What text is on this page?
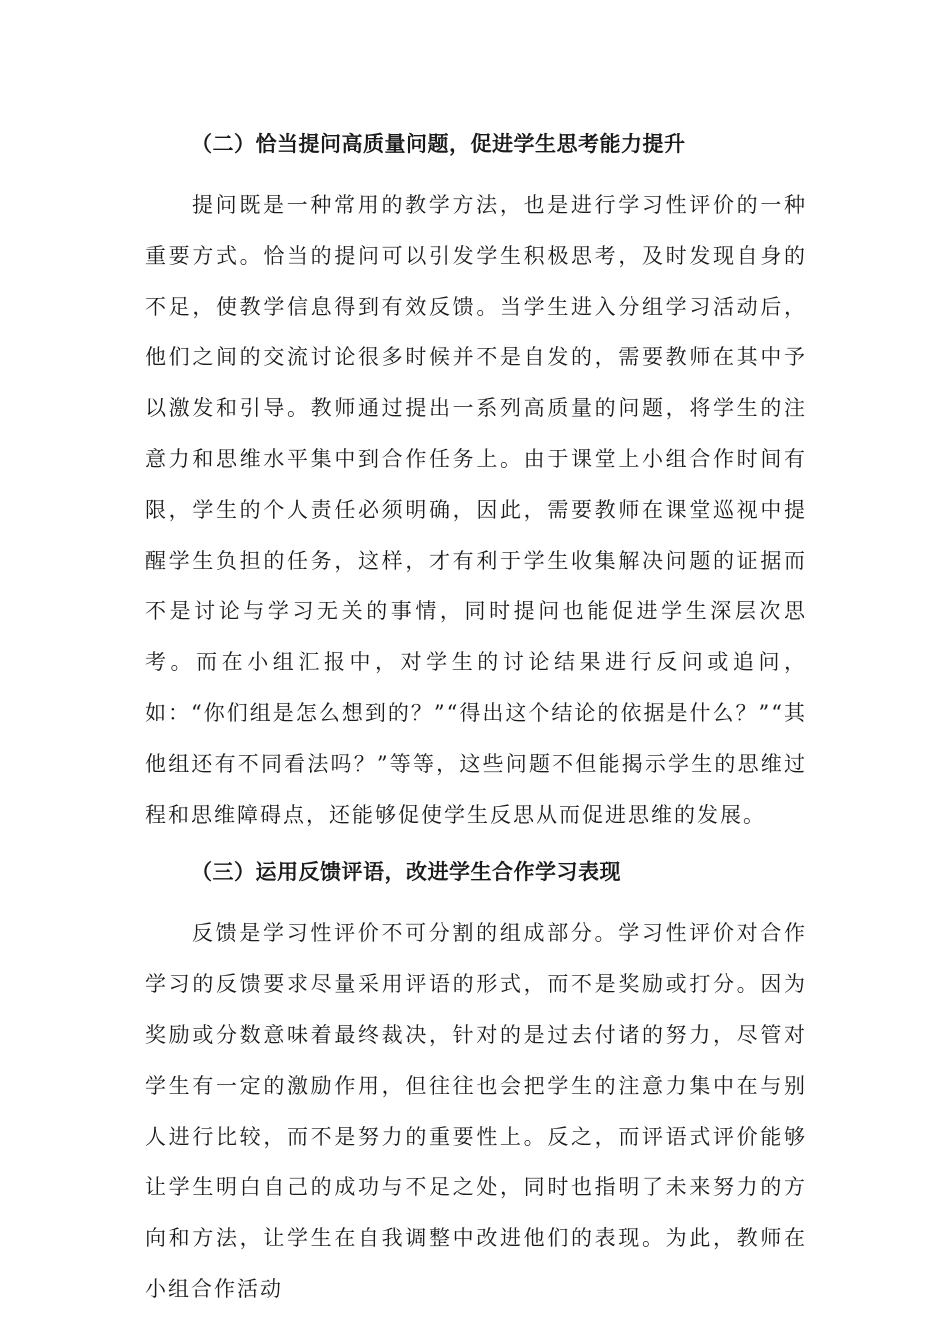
（二）恰当提问高质量问题，促进学生思考能力提升

提问既是一种常用的教学方法，也是进行学习性评价的一种重要方式。恰当的提问可以引发学生积极思考，及时发现自身的不足，使教学信息得到有效反馈。当学生进入分组学习活动后，他们之间的交流讨论很多时候并不是自发的，需要教师在其中予以激发和引导。教师通过提出一系列高质量的问题，将学生的注意力和思维水平集中到合作任务上。由于课堂上小组合作时间有限，学生的个人责任必须明确，因此，需要教师在课堂巡视中提醒学生负担的任务，这样，才有利于学生收集解决问题的证据而不是讨论与学习无关的事情，同时提问也能促进学生深层次思考。而在小组汇报中，对学生的讨论结果进行反问或追问，如：“你们组是怎么想到的？”“得出这个结论的依据是什么？”“其他组还有不同看法吗？”等等，这些问题不但能揭示学生的思维过程和思维障碍点，还能够促使学生反思从而促进思维的发展。

（三）运用反馈评语，改进学生合作学习表现

反馈是学习性评价不可分割的组成部分。学习性评价对合作学习的反馈要求尽量采用评语的形式，而不是奖励或打分。因为奖励或分数意味着最终裁决，针对的是过去付诸的努力，尽管对学生有一定的激励作用，但往往也会把学生的注意力集中在与别人进行比较，而不是努力的重要性上。反之，而评语式评价能够让学生明白自己的成功与不足之处，同时也指明了未来努力的方向和方法，让学生在自我调整中改进他们的表现。为此，教师在小组合作活动
